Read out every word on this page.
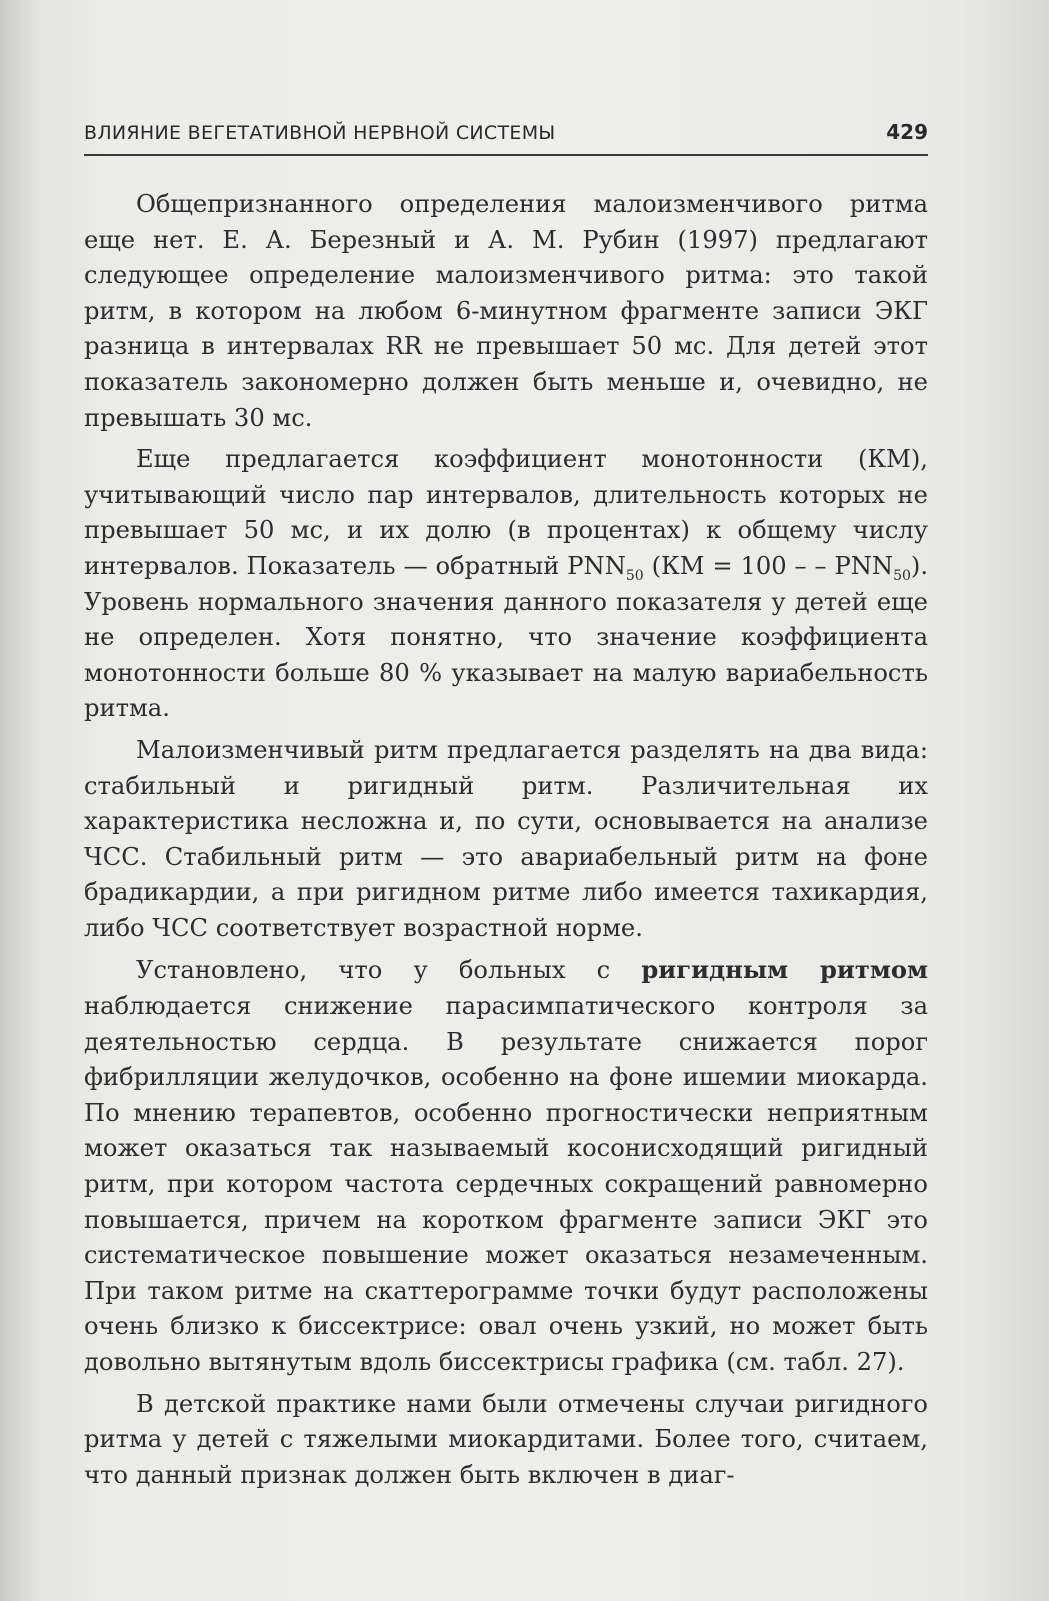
ВЛИЯНИЕ ВЕГЕТАТИВНОЙ НЕРВНОЙ СИСТЕМЫ	429

Общепризнанного определения малоизменчивого ритма еще нет. Е. А. Березный и А. М. Рубин (1997) предлагают следующее определение малоизменчивого ритма: это такой ритм, в котором на любом 6-минутном фрагменте записи ЭКГ разница в интервалах RR не превышает 50 мс. Для детей этот показатель закономерно должен быть меньше и, очевидно, не превышать 30 мс.

Еще предлагается коэффициент монотонности (КМ), учитывающий число пар интервалов, длительность которых не превышает 50 мс, и их долю (в процентах) к общему числу интервалов. Показатель — обратный $PNN_{50}$ (КМ = 100 – – $PNN_{50}$). Уровень нормального значения данного показателя у детей еще не определен. Хотя понятно, что значение коэффициента монотонности больше 80 % указывает на малую вариабельность ритма.

Малоизменчивый ритм предлагается разделять на два вида: стабильный и ригидный ритм. Различительная их характеристика несложна и, по сути, основывается на анализе ЧСС. Стабильный ритм — это авариабельный ритм на фоне брадикардии, а при ригидном ритме либо имеется тахикардия, либо ЧСС соответствует возрастной норме.

Установлено, что у больных с ригидным ритмом наблюдается снижение парасимпатического контроля за деятельностью сердца. В результате снижается порог фибрилляции желудочков, особенно на фоне ишемии миокарда. По мнению терапевтов, особенно прогностически неприятным может оказаться так называемый косонисходящий ригидный ритм, при котором частота сердечных сокращений равномерно повышается, причем на коротком фрагменте записи ЭКГ это систематическое повышение может оказаться незамеченным. При таком ритме на скаттерограмме точки будут расположены очень близко к биссектрисе: овал очень узкий, но может быть довольно вытянутым вдоль биссектрисы графика (см. табл. 27).

В детской практике нами были отмечены случаи ригидного ритма у детей с тяжелыми миокардитами. Более того, считаем, что данный признак должен быть включен в диаг-
